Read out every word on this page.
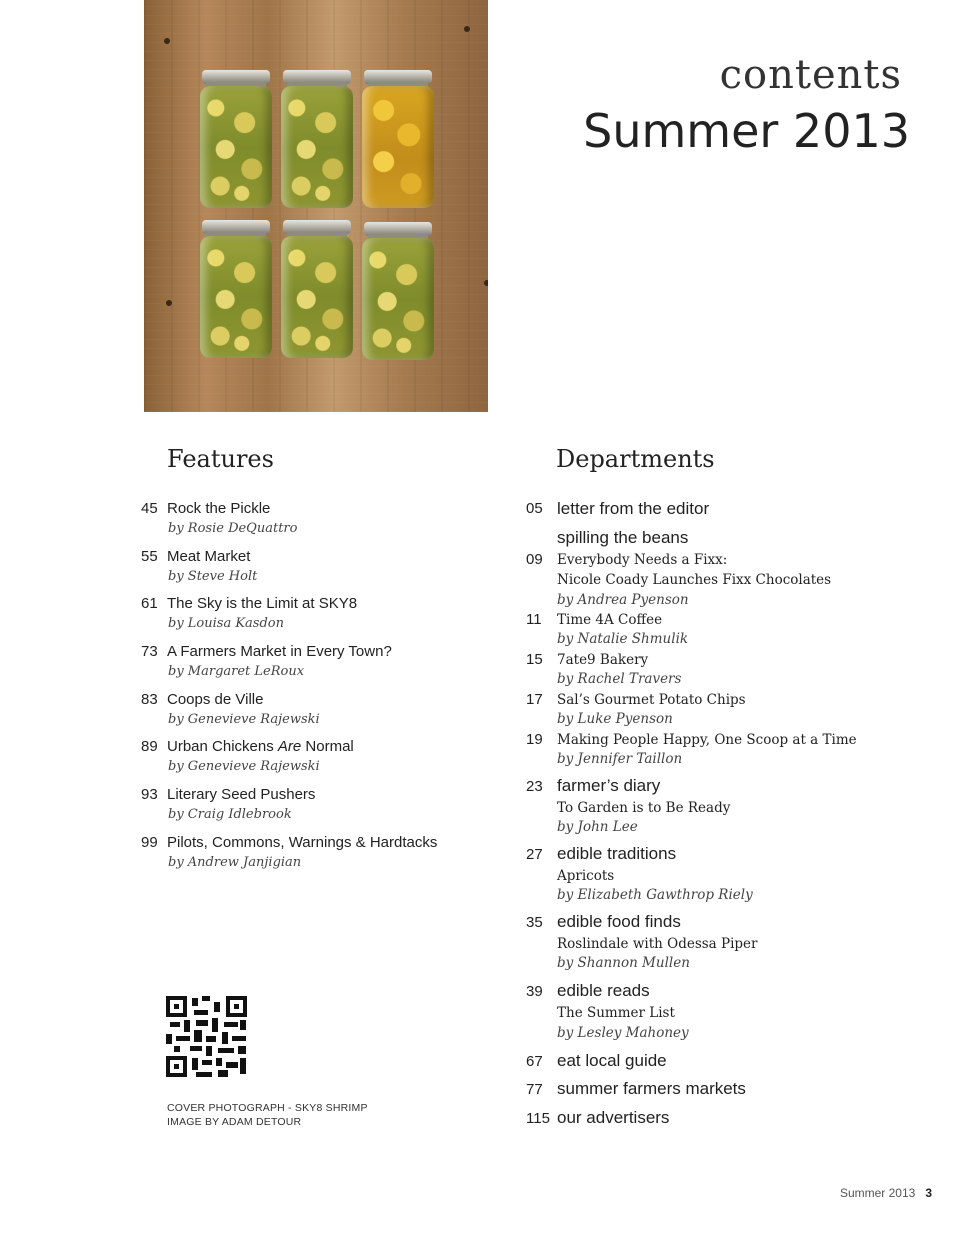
contents
Summer 2013
Features
45 Rock the Pickle
by Rosie DeQuattro
55 Meat Market
by Steve Holt
61 The Sky is the Limit at SKY8
by Louisa Kasdon
73 A Farmers Market in Every Town?
by Margaret LeRoux
83 Coops de Ville
by Genevieve Rajewski
89 Urban Chickens Are Normal
by Genevieve Rajewski
93 Literary Seed Pushers
by Craig Idlebrook
99 Pilots, Commons, Warnings & Hardtacks
by Andrew Janjigian
Departments
05 letter from the editor
spilling the beans
09 Everybody Needs a Fixx:
Nicole Coady Launches Fixx Chocolates
by Andrea Pyenson
11 Time 4A Coffee
by Natalie Shmulik
15 7ate9 Bakery
by Rachel Travers
17 Sal’s Gourmet Potato Chips
by Luke Pyenson
19 Making People Happy, One Scoop at a Time
by Jennifer Taillon
23 farmer’s diary
To Garden is to Be Ready
by John Lee
27 edible traditions
Apricots
by Elizabeth Gawthrop Riely
35 edible food finds
Roslindale with Odessa Piper
by Shannon Mullen
39 edible reads
The Summer List
by Lesley Mahoney
67 eat local guide
77 summer farmers markets
115 our advertisers
COVER PHOTOGRAPH - SKY8 SHRIMP
IMAGE BY ADAM DETOUR
Summer 2013 3
